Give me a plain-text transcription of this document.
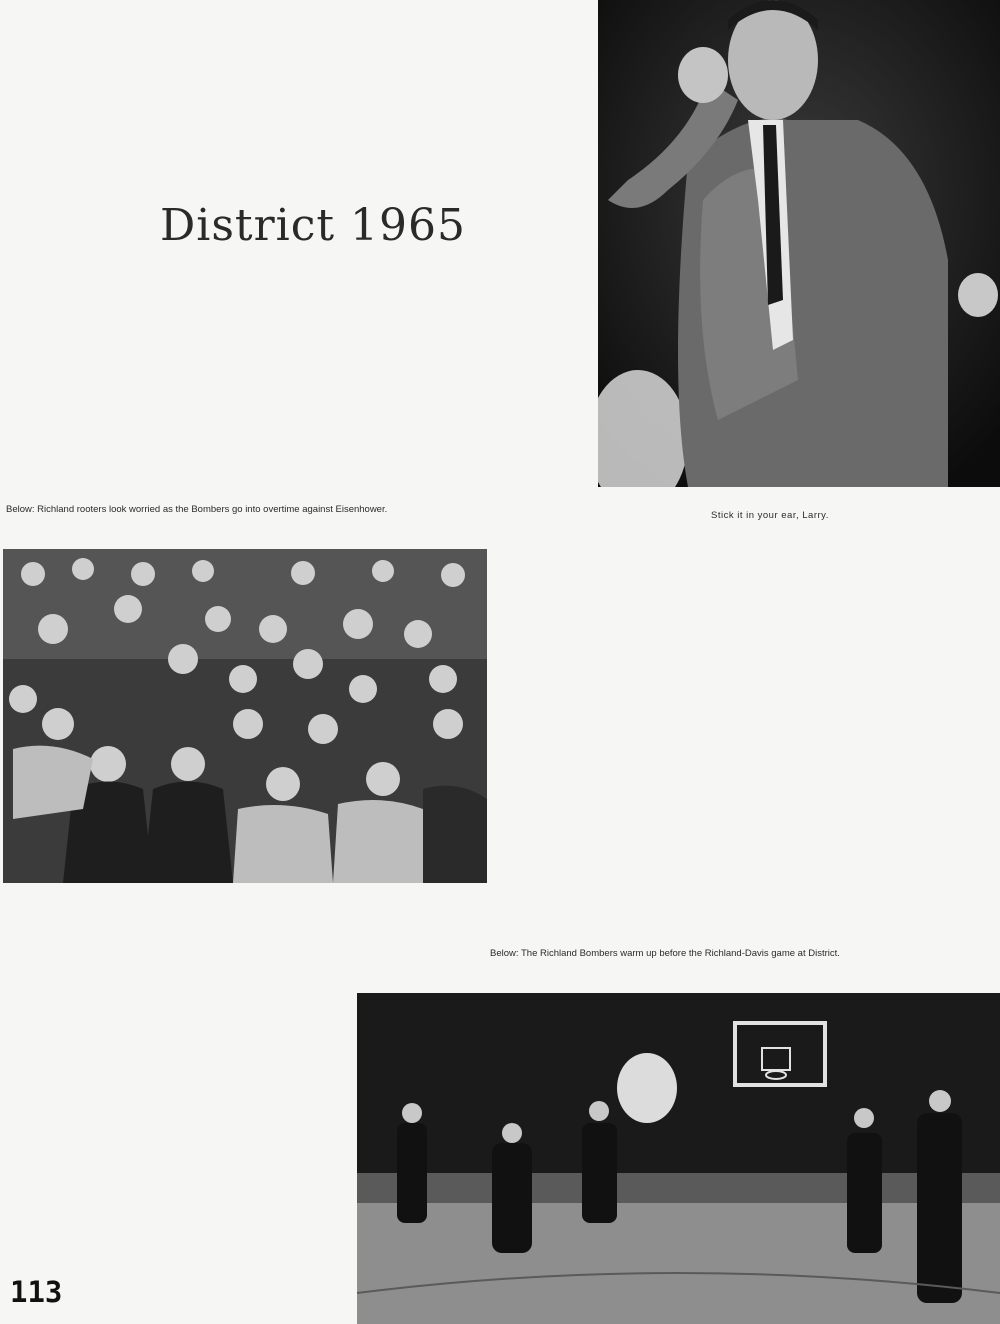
District 1965

Stick it in your ear, Larry.

Below: Richland rooters look worried as the Bombers go into overtime against Eisenhower.

Below: The Richland Bombers warm up before the Richland-Davis game at District.

113
